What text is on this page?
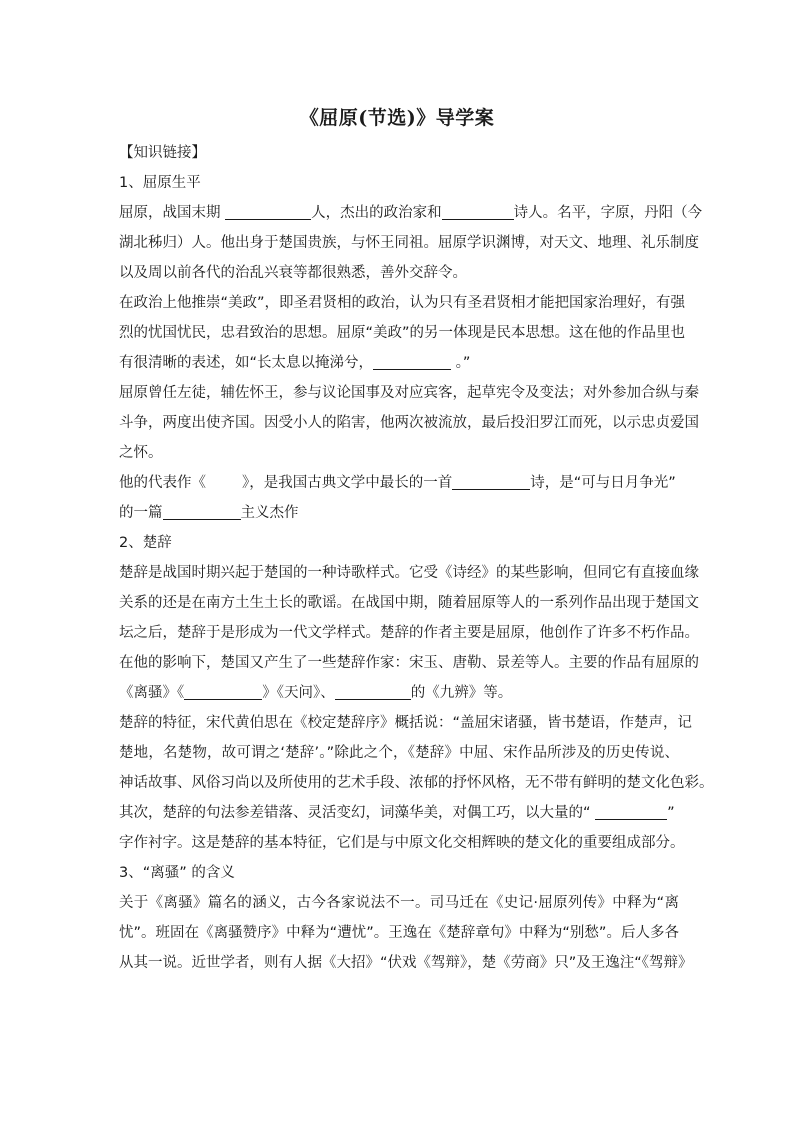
《屈原(节选)》导学案
【知识链接】
1、屈原生平
屈原，战国末期	人，杰出的政治家和	诗人。名平，字原，丹阳（今
湖北秭归）人。他出身于楚国贵族，与怀王同祖。屈原学识渊博，对天文、地理、礼乐制度
以及周以前各代的治乱兴衰等都很熟悉，善外交辞令。
在政治上他推崇“美政”，即圣君贤相的政治，认为只有圣君贤相才能把国家治理好，有强
烈的忧国忧民，忠君致治的思想。屈原“美政”的另一体现是民本思想。这在他的作品里也
有很清晰的表述，如“长太息以掩涕兮，	。”
屈原曾任左徒，辅佐怀王，参与议论国事及对应宾客，起草宪令及变法；对外参加合纵与秦
斗争，两度出使齐国。因受小人的陷害，他两次被流放，最后投汨罗江而死，以示忠贞爱国
之怀。
他的代表作《 》，是我国古典文学中最长的一首	诗，是“可与日月争光”
的一篇	主义杰作
2、楚辞
楚辞是战国时期兴起于楚国的一种诗歌样式。它受《诗经》的某些影响，但同它有直接血缘
关系的还是在南方土生土长的歌谣。在战国中期，随着屈原等人的一系列作品出现于楚国文
坛之后，楚辞于是形成为一代文学样式。楚辞的作者主要是屈原，他创作了许多不朽作品。
在他的影响下，楚国又产生了一些楚辞作家：宋玉、唐勒、景差等人。主要的作品有屈原的
《离骚》《	》《天问》、	的《九辨》等。
楚辞的特征，宋代黄伯思在《校定楚辞序》概括说：“盖屈宋诸骚，皆书楚语，作楚声，记
楚地，名楚物，故可谓之‘楚辞’。”除此之个，《楚辞》中屈、宋作品所涉及的历史传说、
神话故事、风俗习尚以及所使用的艺术手段、浓郁的抒怀风格，无不带有鲜明的楚文化色彩。
其次，楚辞的句法参差错落、灵活变幻，词藻华美，对偶工巧，以大量的“	”
字作衬字。这是楚辞的基本特征，它们是与中原文化交相辉映的楚文化的重要组成部分。
3、“离骚” 的含义
关于《离骚》篇名的涵义，古今各家说法不一。司马迁在《史记·屈原列传》中释为“离
忧”。班固在《离骚赞序》中释为“遭忧”。王逸在《楚辞章句》中释为“别愁”。后人多各
从其一说。近世学者，则有人据《大招》“伏戏《驾辩》，楚《劳商》只”及王逸注“《驾辩》
